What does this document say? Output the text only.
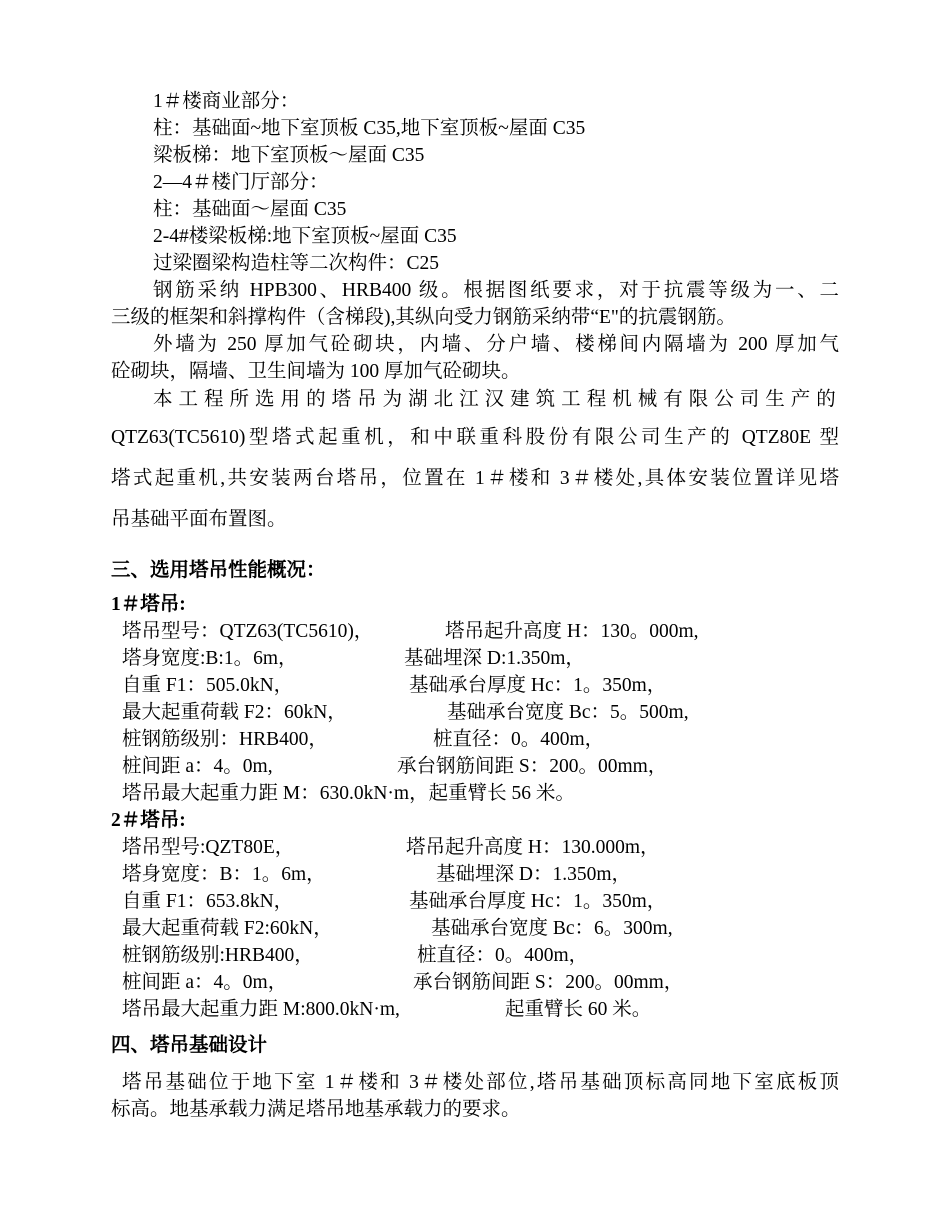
1＃楼商业部分：
柱：基础面~地下室顶板 C35,地下室顶板~屋面 C35
梁板梯：地下室顶板～屋面 C35
2—4＃楼门厅部分：
柱：基础面～屋面 C35
2-4#楼梁板梯:地下室顶板~屋面 C35
过梁圈梁构造柱等二次构件：C25
钢筋采纳 HPB300、HRB400 级。根据图纸要求，对于抗震等级为一、二
三级的框架和斜撑构件（含梯段),其纵向受力钢筋采纳带“E"的抗震钢筋。
外墙为 250 厚加气砼砌块，内墙、分户墙、楼梯间内隔墙为 200 厚加气
砼砌块，隔墙、卫生间墙为 100 厚加气砼砌块。
本工程所选用的塔吊为湖北江汉建筑工程机械有限公司生产的
QTZ63(TC5610)型塔式起重机，和中联重科股份有限公司生产的 QTZ80E 型
塔式起重机,共安装两台塔吊，位置在 1＃楼和 3＃楼处,具体安装位置详见塔
吊基础平面布置图。
三、选用塔吊性能概况：
1＃塔吊:
塔吊型号：QTZ63(TC5610)，	塔吊起升高度 H：130。000m,
塔身宽度:B:1。6m，	基础埋深 D:1.350m，
自重 F1：505.0kN，	基础承台厚度 Hc：1。350m，
最大起重荷载 F2：60kN，	基础承台宽度 Bc：5。500m,
桩钢筋级别：HRB400，	桩直径：0。400m，
桩间距 a：4。0m,	承台钢筋间距 S：200。00mm，
塔吊最大起重力距 M：630.0kN·m，起重臂长 56 米。
2＃塔吊:
塔吊型号:QZT80E，	塔吊起升高度 H：130.000m，
塔身宽度：B：1。6m，	基础埋深 D：1.350m，
自重 F1：653.8kN，	基础承台厚度 Hc：1。350m，
最大起重荷载 F2:60kN，	基础承台宽度 Bc：6。300m,
桩钢筋级别:HRB400，	桩直径：0。400m，
桩间距 a：4。0m，	承台钢筋间距 S：200。00mm，
塔吊最大起重力距 M:800.0kN·m,	起重臂长 60 米。
四、塔吊基础设计
塔吊基础位于地下室 1＃楼和 3＃楼处部位,塔吊基础顶标高同地下室底板顶
标高。地基承载力满足塔吊地基承载力的要求。
